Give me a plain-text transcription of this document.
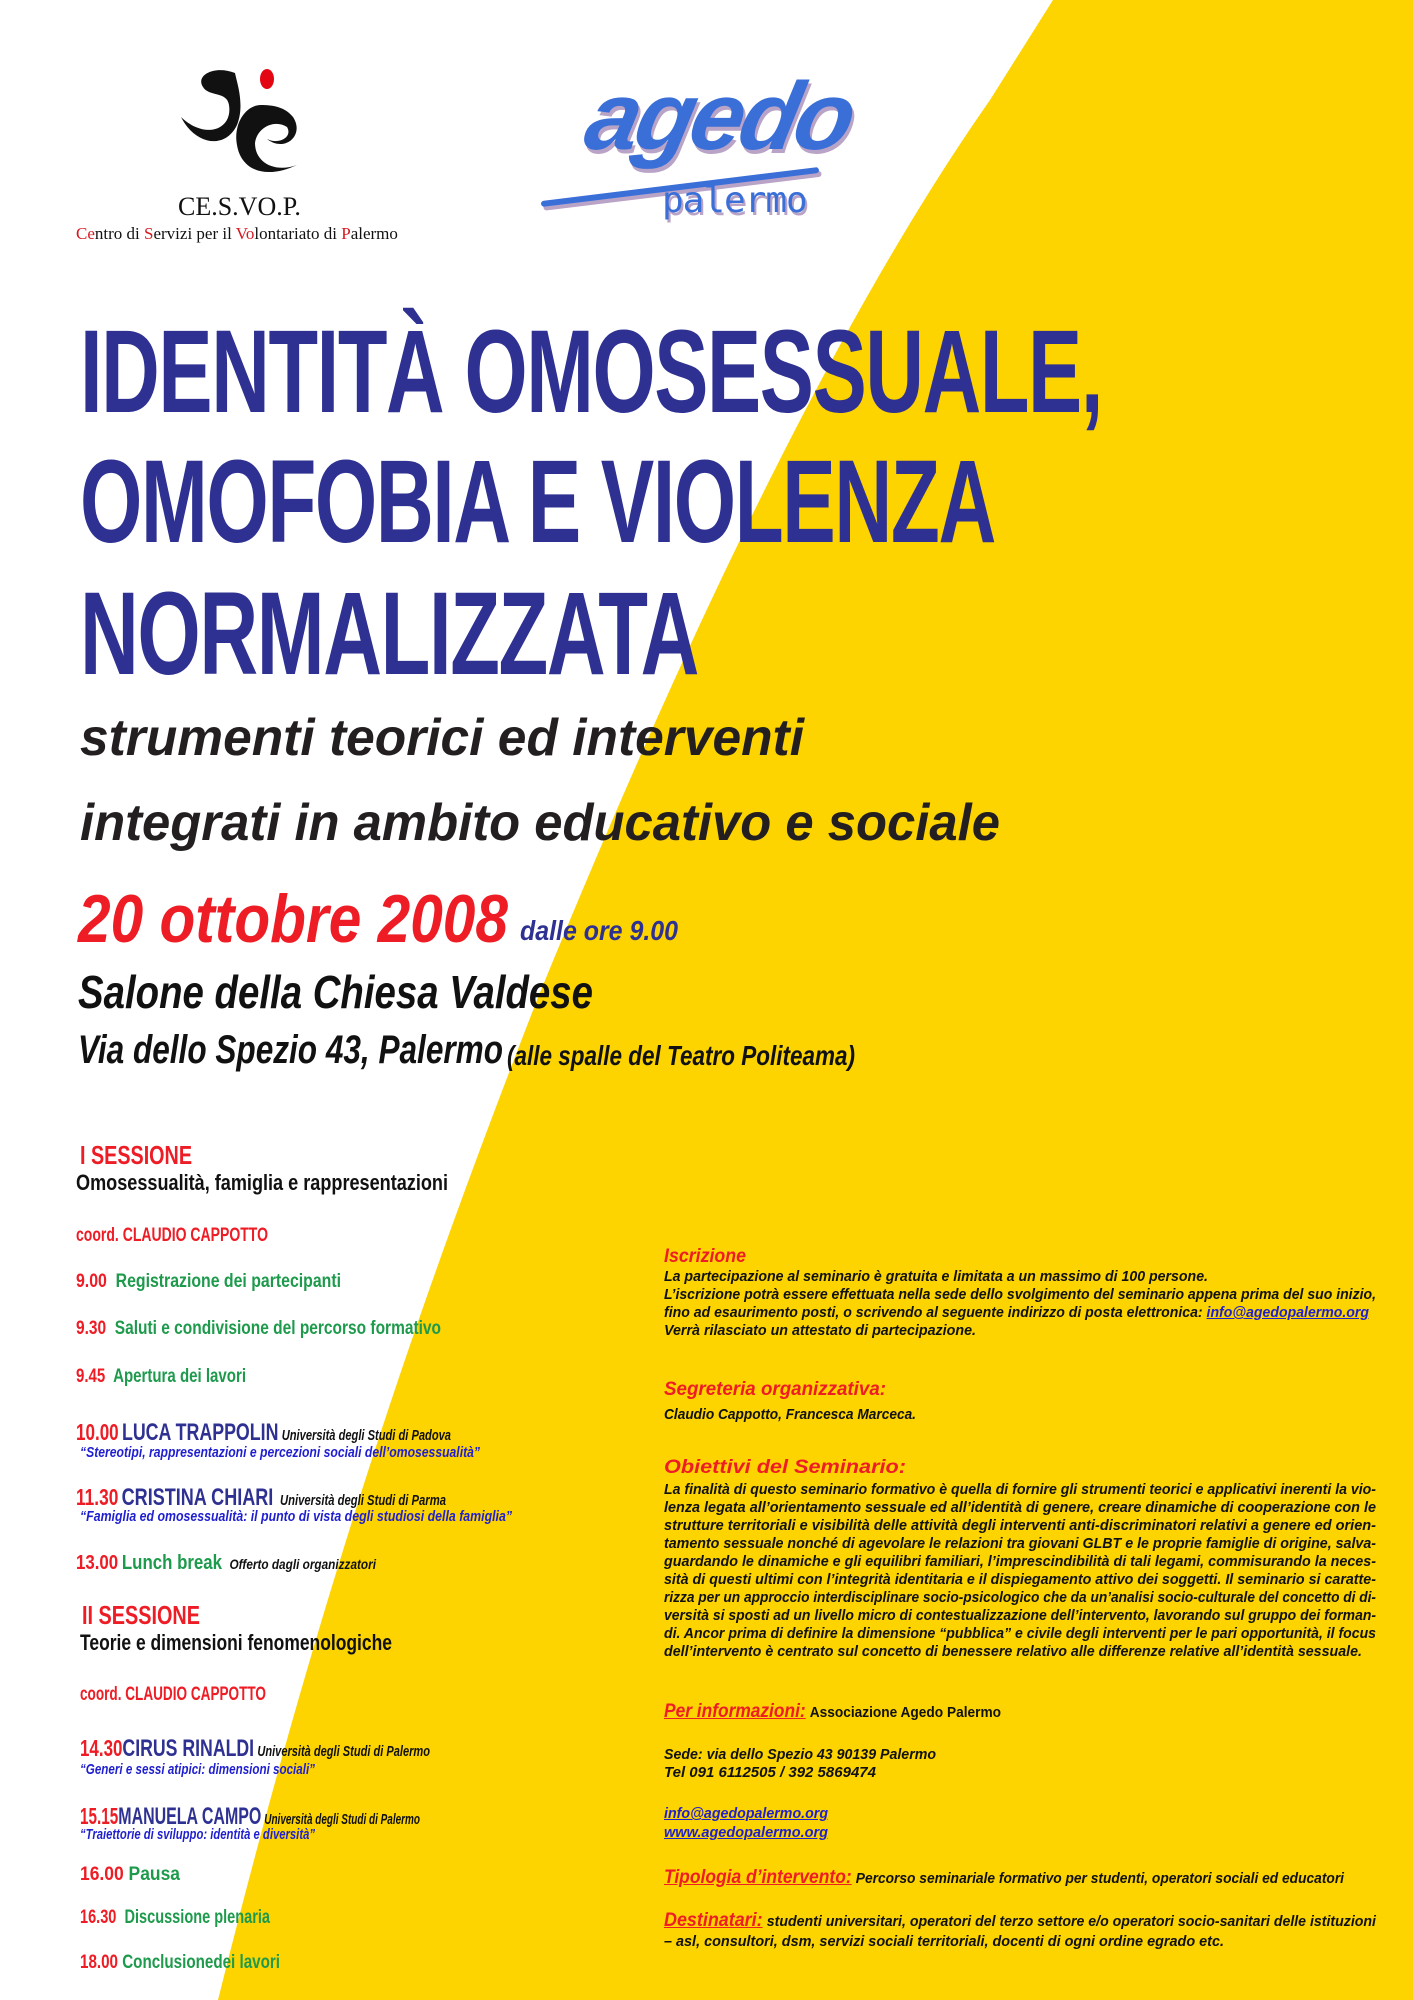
CE.S.VO.P.
Centro di Servizi per il Volontariato di Palermo
agedo
palermo
IDENTITÀ OMOSESSUALE,
OMOFOBIA E VIOLENZA
NORMALIZZATA
strumenti teorici ed interventi
integrati in ambito educativo e sociale
20 ottobre 2008 dalle ore 9.00
Salone della Chiesa Valdese
Via dello Spezio 43, Palermo (alle spalle del Teatro Politeama)
I SESSIONE
Omosessualità, famiglia e rappresentazioni
coord. CLAUDIO CAPPOTTO
9.00 Registrazione dei partecipanti
9.30 Saluti e condivisione del percorso formativo
9.45 Apertura dei lavori
10.00 LUCA TRAPPOLIN Università degli Studi di Padova
“Stereotipi, rappresentazioni e percezioni sociali dell’omosessualità”
11.30 CRISTINA CHIARI Università degli Studi di Parma
“Famiglia ed omosessualità: il punto di vista degli studiosi della famiglia”
13.00 Lunch break Offerto dagli organizzatori
II SESSIONE
Teorie e dimensioni fenomenologiche
coord. CLAUDIO CAPPOTTO
14.30CIRUS RINALDI Università degli Studi di Palermo
“Generi e sessi atipici: dimensioni sociali”
15.15MANUELA CAMPO Università degli Studi di Palermo
“Traiettorie di sviluppo: identità e diversità”
16.00 Pausa
16.30 Discussione plenaria
18.00 Conclusionedei lavori
Iscrizione
La partecipazione al seminario è gratuita e limitata a un massimo di 100 persone.
L’iscrizione potrà essere effettuata nella sede dello svolgimento del seminario appena prima del suo inizio,
fino ad esaurimento posti, o scrivendo al seguente indirizzo di posta elettronica: info@agedopalermo.org
Verrà rilasciato un attestato di partecipazione.
Segreteria organizzativa:
Claudio Cappotto, Francesca Marceca.
Obiettivi del Seminario:
La finalità di questo seminario formativo è quella di fornire gli strumenti teorici e applicativi inerenti la vio-
lenza legata all’orientamento sessuale ed all’identità di genere, creare dinamiche di cooperazione con le
strutture territoriali e visibilità delle attività degli interventi anti-discriminatori relativi a genere ed orien-
tamento sessuale nonché di agevolare le relazioni tra giovani GLBT e le proprie famiglie di origine, salva-
guardando le dinamiche e gli equilibri familiari, l’imprescindibilità di tali legami, commisurando la neces-
sità di questi ultimi con l’integrità identitaria e il dispiegamento attivo dei soggetti. Il seminario si caratte-
rizza per un approccio interdisciplinare socio-psicologico che da un’analisi socio-culturale del concetto di di-
versità si sposti ad un livello micro di contestualizzazione dell’intervento, lavorando sul gruppo dei forman-
di. Ancor prima di definire la dimensione “pubblica” e civile degli interventi per le pari opportunità, il focus
dell’intervento è centrato sul concetto di benessere relativo alle differenze relative all’identità sessuale.
Per informazioni: Associazione Agedo Palermo
Sede: via dello Spezio 43 90139 Palermo
Tel 091 6112505 / 392 5869474
info@agedopalermo.org
www.agedopalermo.org
Tipologia d’intervento: Percorso seminariale formativo per studenti, operatori sociali ed educatori
Destinatari: studenti universitari, operatori del terzo settore e/o operatori socio-sanitari delle istituzioni
– asl, consultori, dsm, servizi sociali territoriali, docenti di ogni ordine egrado etc.
